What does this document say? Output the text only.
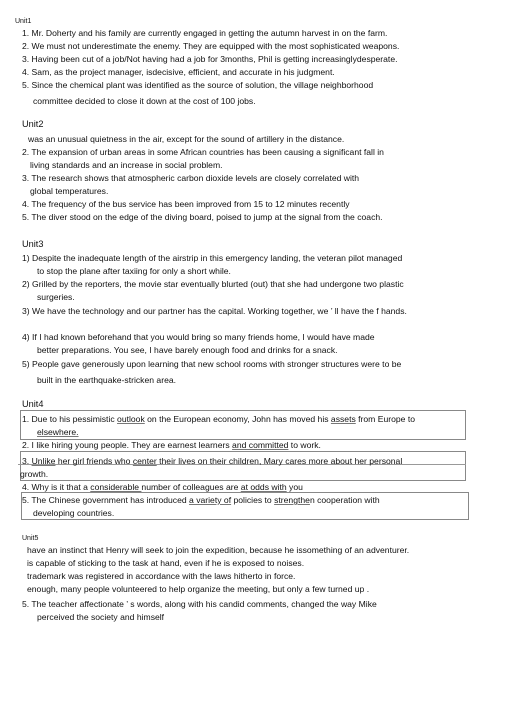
Unit1
1. Mr. Doherty and his family are currently engaged in getting the autumn harvest in on the farm.
2. We must not underestimate the enemy. They are equipped with the most sophisticated weapons.
3. Having been cut of a job/Not having had a job for 3months, Phil is getting increasinglydesperate.
4. Sam, as the project manager, isdecisive, efficient, and accurate in his judgment.
5. Since the chemical plant was identified as the source of solution, the village neighborhood
committee decided to close it down at the cost of 100 jobs.
Unit2
was an unusual quietness in the air, except for the sound of artillery in the distance.
2. The expansion of urban areas in some African countries has been causing a significant fall in
living standards and an increase in social problem.
3. The research shows that atmospheric carbon dioxide levels are closely correlated with
global temperatures.
4. The frequency of the bus service has been improved from 15 to 12 minutes recently
5. The diver stood on the edge of the diving board, poised to jump at the signal from the coach.
Unit3
1) Despite the inadequate length of the airstrip in this emergency landing, the veteran pilot managed
to stop the plane after taxiing for only a short while.
2) Grilled by the reporters, the movie star eventually blurted (out) that she had undergone two plastic
surgeries.
3) We have the technology and our partner has the capital. Working together, we ’ ll have the f hands.
4) If I had known beforehand that you would bring so many friends home, I would have made
better preparations. You see, I have barely enough food and drinks for a snack.
5) People gave generously upon learning that new school rooms with stronger structures were to be
built in the earthquake-stricken area.
Unit4
1. Due to his pessimistic outlook on the European economy, John has moved his assets from Europe to
elsewhere.
2. I like hiring young people. They are earnest learners and committed to work.
3. Unlike her girl friends who center their lives on their children, Mary cares more about her personal
growth.
4. Why is it that a considerable number of colleagues are at odds with you
5. The Chinese government has introduced a variety of policies to strengthen cooperation with
developing countries.
Unit5
have an instinct that Henry will seek to join the expedition, because he issomething of an adventurer.
is capable of sticking to the task at hand, even if he is exposed to noises.
trademark was registered in accordance with the laws hitherto in force.
enough, many people volunteered to help organize the meeting, but only a few turned up .
5. The teacher affectionate ’ s words, along with his candid comments, changed the way Mike
perceived the society and himself
